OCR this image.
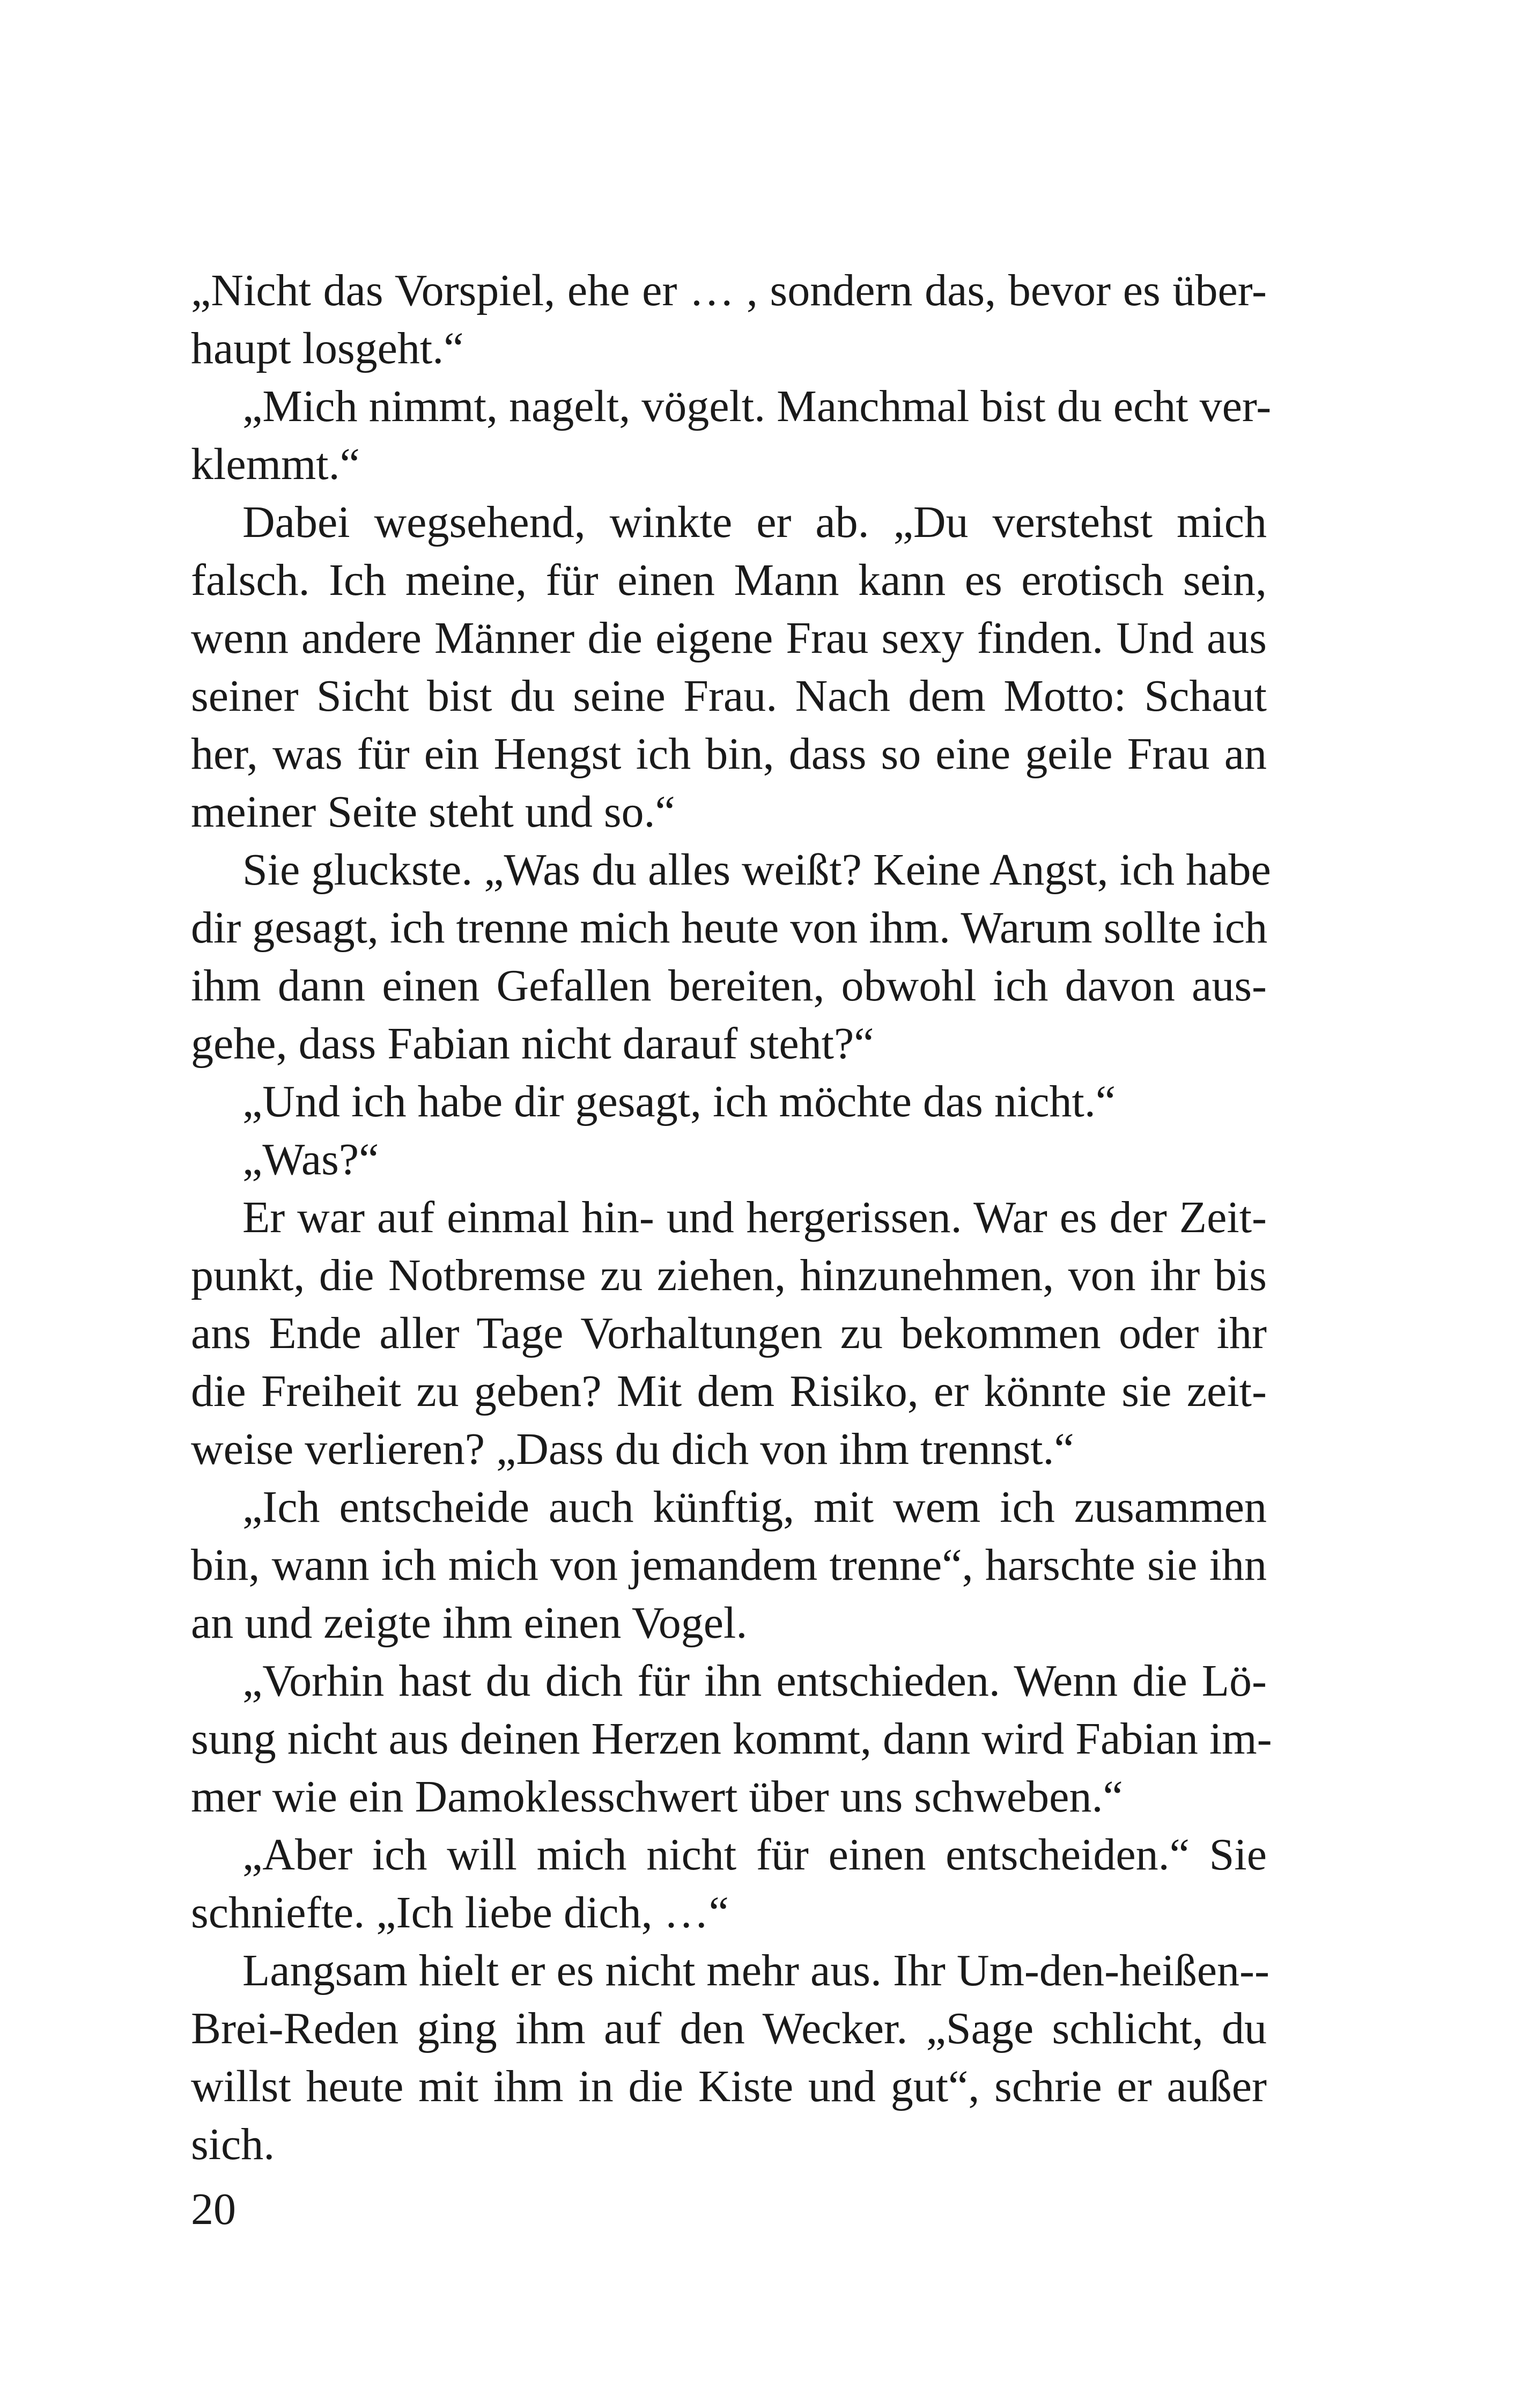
„Nicht das Vorspiel, ehe er … , sondern das, bevor es über-
haupt losgeht.“
„Mich nimmt, nagelt, vögelt. Manchmal bist du echt ver-
klemmt.“
Dabei wegsehend, winkte er ab. „Du verstehst mich
falsch. Ich meine, für einen Mann kann es erotisch sein,
wenn andere Männer die eigene Frau sexy finden. Und aus
seiner Sicht bist du seine Frau. Nach dem Motto: Schaut
her, was für ein Hengst ich bin, dass so eine geile Frau an
meiner Seite steht und so.“
Sie gluckste. „Was du alles weißt? Keine Angst, ich habe
dir gesagt, ich trenne mich heute von ihm. Warum sollte ich
ihm dann einen Gefallen bereiten, obwohl ich davon aus-
gehe, dass Fabian nicht darauf steht?“
„Und ich habe dir gesagt, ich möchte das nicht.“
„Was?“
Er war auf einmal hin- und hergerissen. War es der Zeit-
punkt, die Notbremse zu ziehen, hinzunehmen, von ihr bis
ans Ende aller Tage Vorhaltungen zu bekommen oder ihr
die Freiheit zu geben? Mit dem Risiko, er könnte sie zeit-
weise verlieren? „Dass du dich von ihm trennst.“
„Ich entscheide auch künftig, mit wem ich zusammen
bin, wann ich mich von jemandem trenne“, harschte sie ihn
an und zeigte ihm einen Vogel.
„Vorhin hast du dich für ihn entschieden. Wenn die Lö-
sung nicht aus deinen Herzen kommt, dann wird Fabian im-
mer wie ein Damoklesschwert über uns schweben.“
„Aber ich will mich nicht für einen entscheiden.“ Sie
schniefte. „Ich liebe dich, …“
Langsam hielt er es nicht mehr aus. Ihr Um-den-heißen--
Brei-Reden ging ihm auf den Wecker. „Sage schlicht, du
willst heute mit ihm in die Kiste und gut“, schrie er außer
sich.
20
